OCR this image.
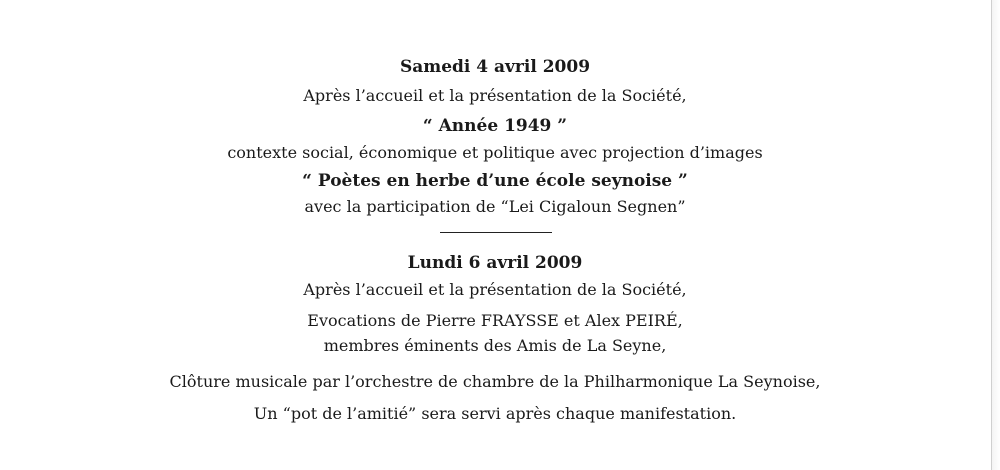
Samedi 4 avril 2009
Après l’accueil et la présentation de la Société,
“ Année 1949 ”
contexte social, économique et politique avec projection d’images
“ Poètes en herbe d’une école seynoise ”
avec la participation de “Lei Cigaloun Segnen”
Lundi 6 avril 2009
Après l’accueil et la présentation de la Société,
Evocations de Pierre FRAYSSE et Alex PEIRÉ,
membres éminents des Amis de La Seyne,
Clôture musicale par l’orchestre de chambre de la Philharmonique La Seynoise,
Un “pot de l’amitié” sera servi après chaque manifestation.
